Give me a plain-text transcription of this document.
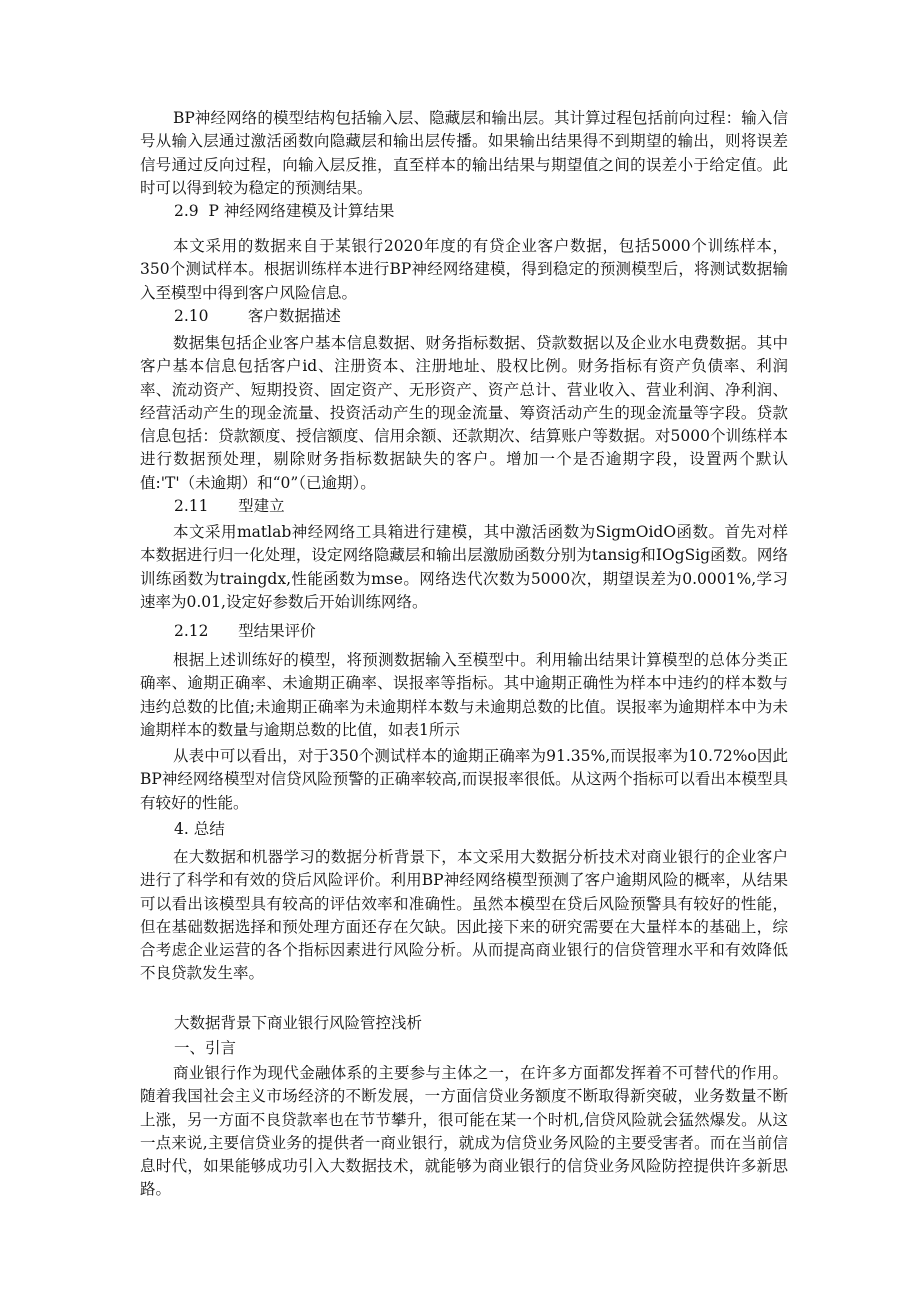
BP神经网络的模型结构包括输入层、隐藏层和输出层。其计算过程包括前向过程：输入信号从输入层通过激活函数向隐藏层和输出层传播。如果输出结果得不到期望的输出，则将误差信号通过反向过程，向输入层反推，直至样本的输出结果与期望值之间的误差小于给定值。此时可以得到较为稳定的预测结果。

2.9  P 神经网络建模及计算结果

本文采用的数据来自于某银行2020年度的有贷企业客户数据，包括5000个训练样本，350个测试样本。根据训练样本进行BP神经网络建模，得到稳定的预测模型后，将测试数据输入至模型中得到客户风险信息。

2.10        客户数据描述

数据集包括企业客户基本信息数据、财务指标数据、贷款数据以及企业水电费数据。其中客户基本信息包括客户id、注册资本、注册地址、股权比例。财务指标有资产负债率、利润率、流动资产、短期投资、固定资产、无形资产、资产总计、营业收入、营业利润、净利润、经营活动产生的现金流量、投资活动产生的现金流量、筹资活动产生的现金流量等字段。贷款信息包括：贷款额度、授信额度、信用余额、还款期次、结算账户等数据。对5000个训练样本进行数据预处理，剔除财务指标数据缺失的客户。增加一个是否逾期字段，设置两个默认值:'T'（未逾期）和“0”（已逾期）。

2.11      型建立

本文采用matlab神经网络工具箱进行建模，其中激活函数为SigmOidO函数。首先对样本数据进行归一化处理，设定网络隐藏层和输出层激励函数分别为tansig和IOgSig函数。网络训练函数为traingdx,性能函数为mse。网络迭代次数为5000次，期望误差为0.0001%,学习速率为0.01,设定好参数后开始训练网络。

2.12      型结果评价

根据上述训练好的模型，将预测数据输入至模型中。利用输出结果计算模型的总体分类正确率、逾期正确率、未逾期正确率、误报率等指标。其中逾期正确性为样本中违约的样本数与违约总数的比值;未逾期正确率为未逾期样本数与未逾期总数的比值。误报率为逾期样本中为未逾期样本的数量与逾期总数的比值，如表1所示

从表中可以看出，对于350个测试样本的逾期正确率为91.35%,而误报率为10.72%o因此BP神经网络模型对信贷风险预警的正确率较高,而误报率很低。从这两个指标可以看出本模型具有较好的性能。

4. 总结

在大数据和机器学习的数据分析背景下，本文采用大数据分析技术对商业银行的企业客户进行了科学和有效的贷后风险评价。利用BP神经网络模型预测了客户逾期风险的概率，从结果可以看出该模型具有较高的评估效率和准确性。虽然本模型在贷后风险预警具有较好的性能，但在基础数据选择和预处理方面还存在欠缺。因此接下来的研究需要在大量样本的基础上，综合考虑企业运营的各个指标因素进行风险分析。从而提高商业银行的信贷管理水平和有效降低不良贷款发生率。

大数据背景下商业银行风险管控浅析

一、引言

商业银行作为现代金融体系的主要参与主体之一，在许多方面都发挥着不可替代的作用。随着我国社会主义市场经济的不断发展，一方面信贷业务额度不断取得新突破，业务数量不断上涨，另一方面不良贷款率也在节节攀升，很可能在某一个时机,信贷风险就会猛然爆发。从这一点来说,主要信贷业务的提供者一商业银行，就成为信贷业务风险的主要受害者。而在当前信息时代，如果能够成功引入大数据技术，就能够为商业银行的信贷业务风险防控提供许多新思路。
